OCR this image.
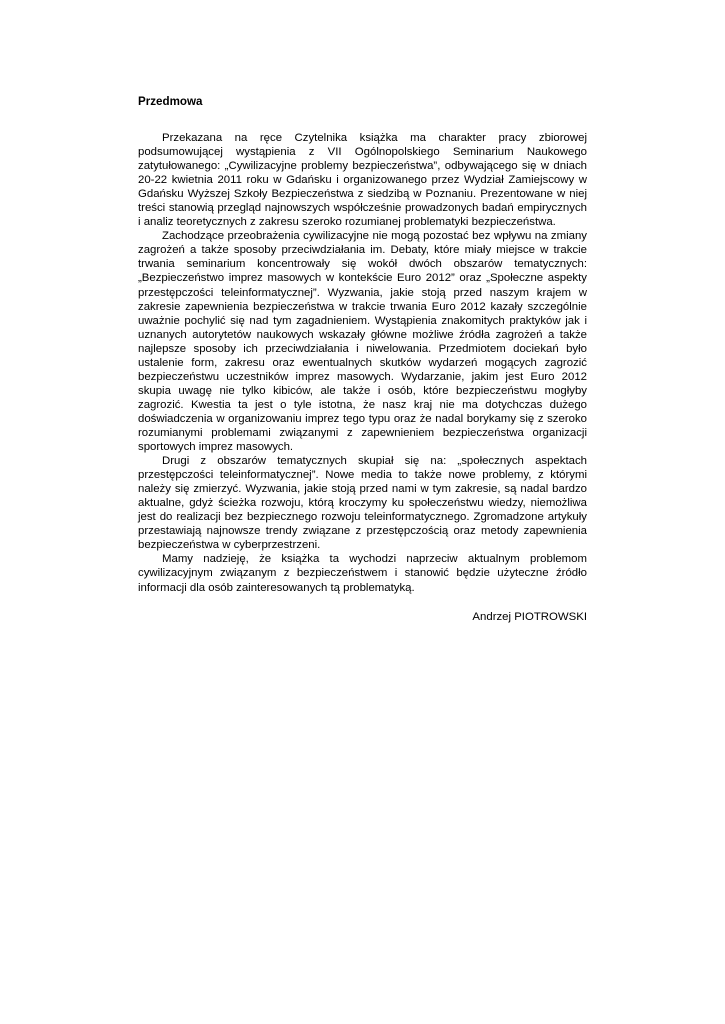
Przedmowa

Przekazana na ręce Czytelnika książka ma charakter pracy zbiorowej podsumowującej wystąpienia z VII Ogólnopolskiego Seminarium Naukowego zatytułowanego: „Cywilizacyjne problemy bezpieczeństwa”, odbywającego się w dniach 20-22 kwietnia 2011 roku w Gdańsku i organizowanego przez Wydział Zamiejscowy w Gdańsku Wyższej Szkoły Bezpieczeństwa z siedzibą w Poznaniu. Prezentowane w niej treści stanowią przegląd najnowszych współcześnie prowadzonych badań empirycznych i analiz teoretycznych z zakresu szeroko rozumianej problematyki bezpieczeństwa.

Zachodzące przeobrażenia cywilizacyjne nie mogą pozostać bez wpływu na zmiany zagrożeń a także sposoby przeciwdziałania im. Debaty, które miały miejsce w trakcie trwania seminarium koncentrowały się wokół dwóch obszarów tematycznych: „Bezpieczeństwo imprez masowych w kontekście Euro 2012” oraz „Społeczne aspekty przestępczości teleinformatycznej”. Wyzwania, jakie stoją przed naszym krajem w zakresie zapewnienia bezpieczeństwa w trakcie trwania Euro 2012 kazały szczególnie uważnie pochylić się nad tym zagadnieniem. Wystąpienia znakomitych praktyków jak i uznanych autorytetów naukowych wskazały główne możliwe źródła zagrożeń a także najlepsze sposoby ich przeciwdziałania i niwelowania. Przedmiotem dociekań było ustalenie form, zakresu oraz ewentualnych skutków wydarzeń mogących zagrozić bezpieczeństwu uczestników imprez masowych. Wydarzanie, jakim jest Euro 2012 skupia uwagę nie tylko kibiców, ale także i osób, które bezpieczeństwu mogłyby zagrozić. Kwestia ta jest o tyle istotna, że nasz kraj nie ma dotychczas dużego doświadczenia w organizowaniu imprez tego typu oraz że nadal borykamy się z szeroko rozumianymi problemami związanymi z zapewnieniem bezpieczeństwa organizacji sportowych imprez masowych.

Drugi z obszarów tematycznych skupiał się na: „społecznych aspektach przestępczości teleinformatycznej”. Nowe media to także nowe problemy, z którymi należy się zmierzyć. Wyzwania, jakie stoją przed nami w tym zakresie, są nadal bardzo aktualne, gdyż ścieżka rozwoju, którą kroczymy ku społeczeństwu wiedzy, niemożliwa jest do realizacji bez bezpiecznego rozwoju teleinformatycznego. Zgromadzone artykuły przestawiają najnowsze trendy związane z przestępczością oraz metody zapewnienia bezpieczeństwa w cyberprzestrzeni.

Mamy nadzieję, że książka ta wychodzi naprzeciw aktualnym problemom cywilizacyjnym związanym z bezpieczeństwem i stanowić będzie użyteczne źródło informacji dla osób zainteresowanych tą problematyką.

Andrzej PIOTROWSKI
